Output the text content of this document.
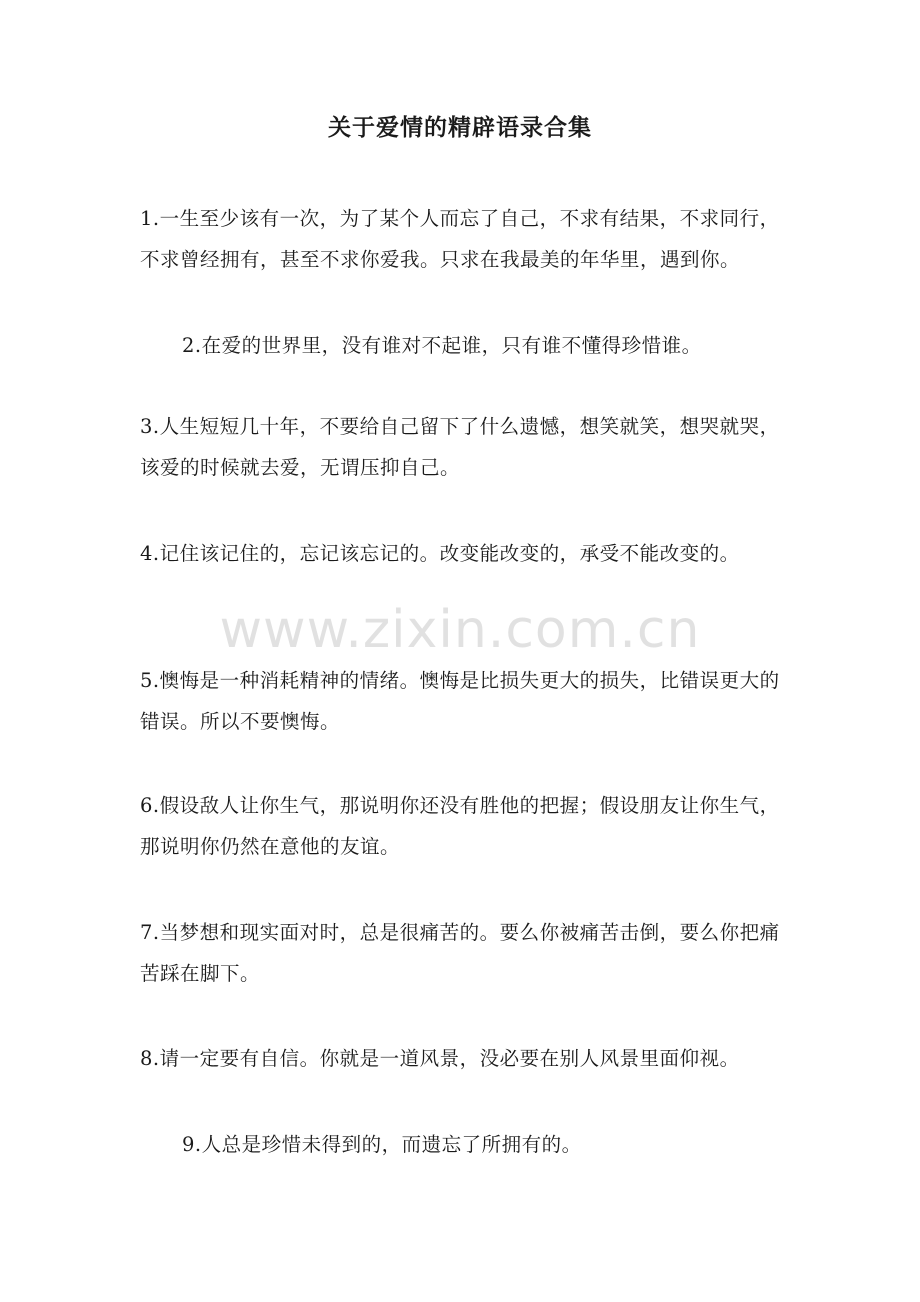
关于爱情的精辟语录合集
1.一生至少该有一次，为了某个人而忘了自己，不求有结果，不求同行，不求曾经拥有，甚至不求你爱我。只求在我最美的年华里，遇到你。
2.在爱的世界里，没有谁对不起谁，只有谁不懂得珍惜谁。
3.人生短短几十年，不要给自己留下了什么遗憾，想笑就笑，想哭就哭，该爱的时候就去爱，无谓压抑自己。
4.记住该记住的，忘记该忘记的。改变能改变的，承受不能改变的。
5.懊悔是一种消耗精神的情绪。懊悔是比损失更大的损失，比错误更大的错误。所以不要懊悔。
6.假设敌人让你生气，那说明你还没有胜他的把握；假设朋友让你生气，那说明你仍然在意他的友谊。
7.当梦想和现实面对时，总是很痛苦的。要么你被痛苦击倒，要么你把痛苦踩在脚下。
8.请一定要有自信。你就是一道风景，没必要在别人风景里面仰视。
9.人总是珍惜未得到的，而遗忘了所拥有的。
www.zixin.com.cn
